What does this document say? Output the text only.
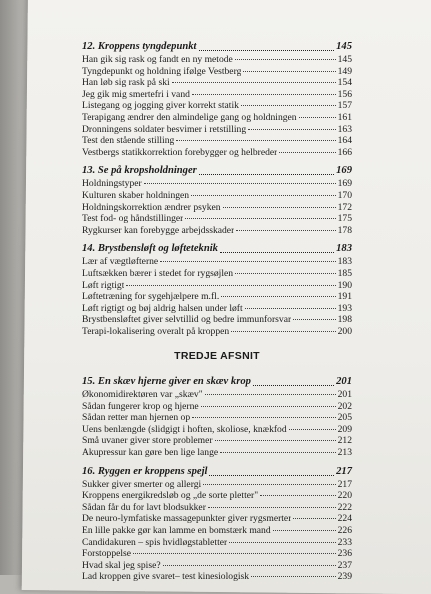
12. Kroppens tyngdepunkt	145
Han gik sig rask og fandt en ny metode	145
Tyngdepunkt og holdning ifølge Vestberg	149
Han løb sig rask på ski	154
Jeg gik mig smertefri i vand	156
Listegang og jogging giver korrekt statik	157
Terapigang ændrer den almindelige gang og holdningen	161
Dronningens soldater besvimer i retstilling	163
Test den stående stilling	164
Vestbergs statikkorrektion forebygger og helbreder	166
13. Se på kropsholdninger	169
Holdningstyper	169
Kulturen skaber holdningen	170
Holdningskorrektion ændrer psyken	172
Test fod- og håndstillinger	175
Rygkurser kan forebygge arbejdsskader	178
14. Brystbensløft og løfteteknik	183
Lær af vægtløfterne	183
Luftsækken bærer i stedet for rygsøjlen	185
Løft rigtigt	190
Løftetræning for sygehjælpere m.fl.	191
Løft rigtigt og bøj aldrig halsen under løft	193
Brystbensløftet giver selvtillid og bedre immunforsvar	198
Terapi-lokalisering overalt på kroppen	200
TREDJE AFSNIT
15. En skæv hjerne giver en skæv krop	201
Økonomidirektøren var „skæv"	201
Sådan fungerer krop og hjerne	202
Sådan retter man hjernen op	205
Uens benlængde (slidgigt i hoften, skoliose, knækfod	209
Små uvaner giver store problemer	212
Akupressur kan gøre ben lige lange	213
16. Ryggen er kroppens spejl	217
Sukker giver smerter og allergi	217
Kroppens energikredsløb og „de sorte pletter"	220
Sådan får du for lavt blodsukker	222
De neuro-lymfatiske massagepunkter giver rygsmerter	224
En lille pakke gør kan lamme en bomstærk mand	226
Candidakuren – spis hvidløgstabletter	233
Forstoppelse	236
Hvad skal jeg spise?	237
Lad kroppen give svaret– test kinesiologisk	239
